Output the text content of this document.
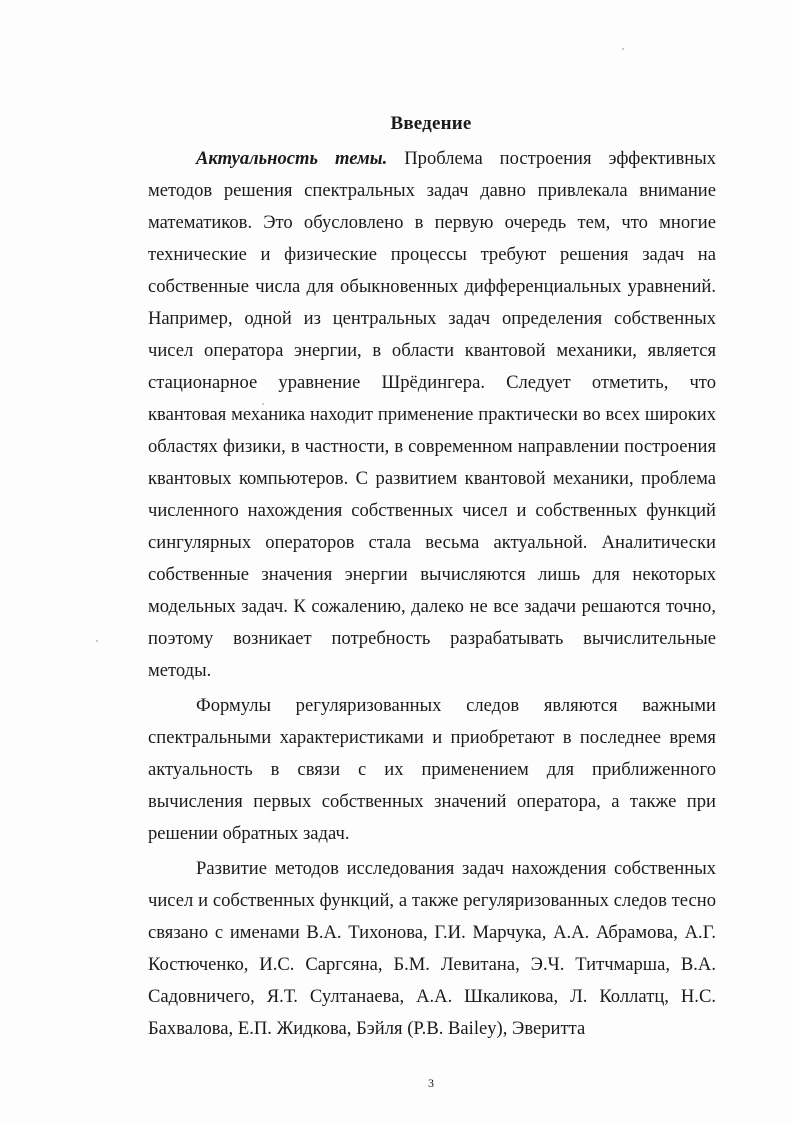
Введение

Актуальность темы. Проблема построения эффективных методов решения спектральных задач давно привлекала внимание математиков. Это обусловлено в первую очередь тем, что многие технические и физические процессы требуют решения задач на собственные числа для обыкновенных дифференциальных уравнений. Например, одной из центральных задач определения собственных чисел оператора энергии, в области квантовой механики, является стационарное уравнение Шрёдингера. Следует отметить, что квантовая механика находит применение практически во всех широких областях физики, в частности, в современном направлении построения квантовых компьютеров. С развитием квантовой механики, проблема численного нахождения собственных чисел и собственных функций сингулярных операторов стала весьма актуальной. Аналитически собственные значения энергии вычисляются лишь для некоторых модельных задач. К сожалению, далеко не все задачи решаются точно, поэтому возникает потребность разрабатывать вычислительные методы.

Формулы регуляризованных следов являются важными спектральными характеристиками и приобретают в последнее время актуальность в связи с их применением для приближенного вычисления первых собственных значений оператора, а также при решении обратных задач.

Развитие методов исследования задач нахождения собственных чисел и собственных функций, а также регуляризованных следов тесно связано с именами В.А. Тихонова, Г.И. Марчука, А.А. Абрамова, А.Г. Костюченко, И.С. Саргсяна, Б.М. Левитана, Э.Ч. Титчмарша, В.А. Садовничего, Я.Т. Султанаева, А.А. Шкаликова, Л. Коллатц, Н.С. Бахвалова, Е.П. Жидкова, Бэйля (P.B. Bailey), Эверитта

3
